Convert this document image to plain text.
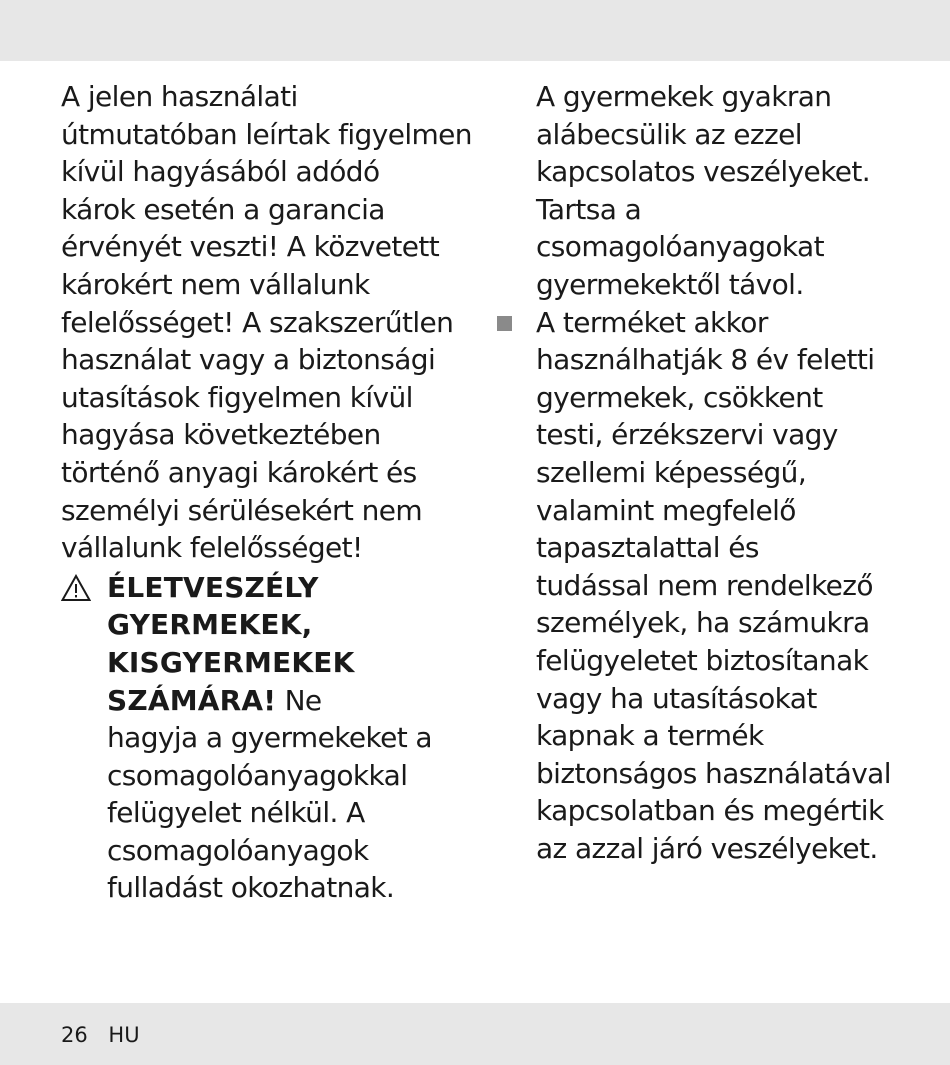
A jelen használati
útmutatóban leírtak figyelmen
kívül hagyásából adódó
károk esetén a garancia
érvényét veszti! A közvetett
károkért nem vállalunk
felelősséget! A szakszerűtlen
használat vagy a biztonsági
utasítások figyelmen kívül
hagyása következtében
történő anyagi károkért és
személyi sérülésekért nem
vállalunk felelősséget!
ÉLETVESZÉLY
GYERMEKEK,
KISGYERMEKEK
SZÁMÁRA! Ne
hagyja a gyermekeket a
csomagolóanyagokkal
felügyelet nélkül. A
csomagolóanyagok
fulladást okozhatnak.
A gyermekek gyakran
alábecsülik az ezzel
kapcsolatos veszélyeket.
Tartsa a
csomagolóanyagokat
gyermekektől távol.
A terméket akkor
használhatják 8 év feletti
gyermekek, csökkent
testi, érzékszervi vagy
szellemi képességű,
valamint megfelelő
tapasztalattal és
tudással nem rendelkező
személyek, ha számukra
felügyeletet biztosítanak
vagy ha utasításokat
kapnak a termék
biztonságos használatával
kapcsolatban és megértik
az azzal járó veszélyeket.
26 HU
